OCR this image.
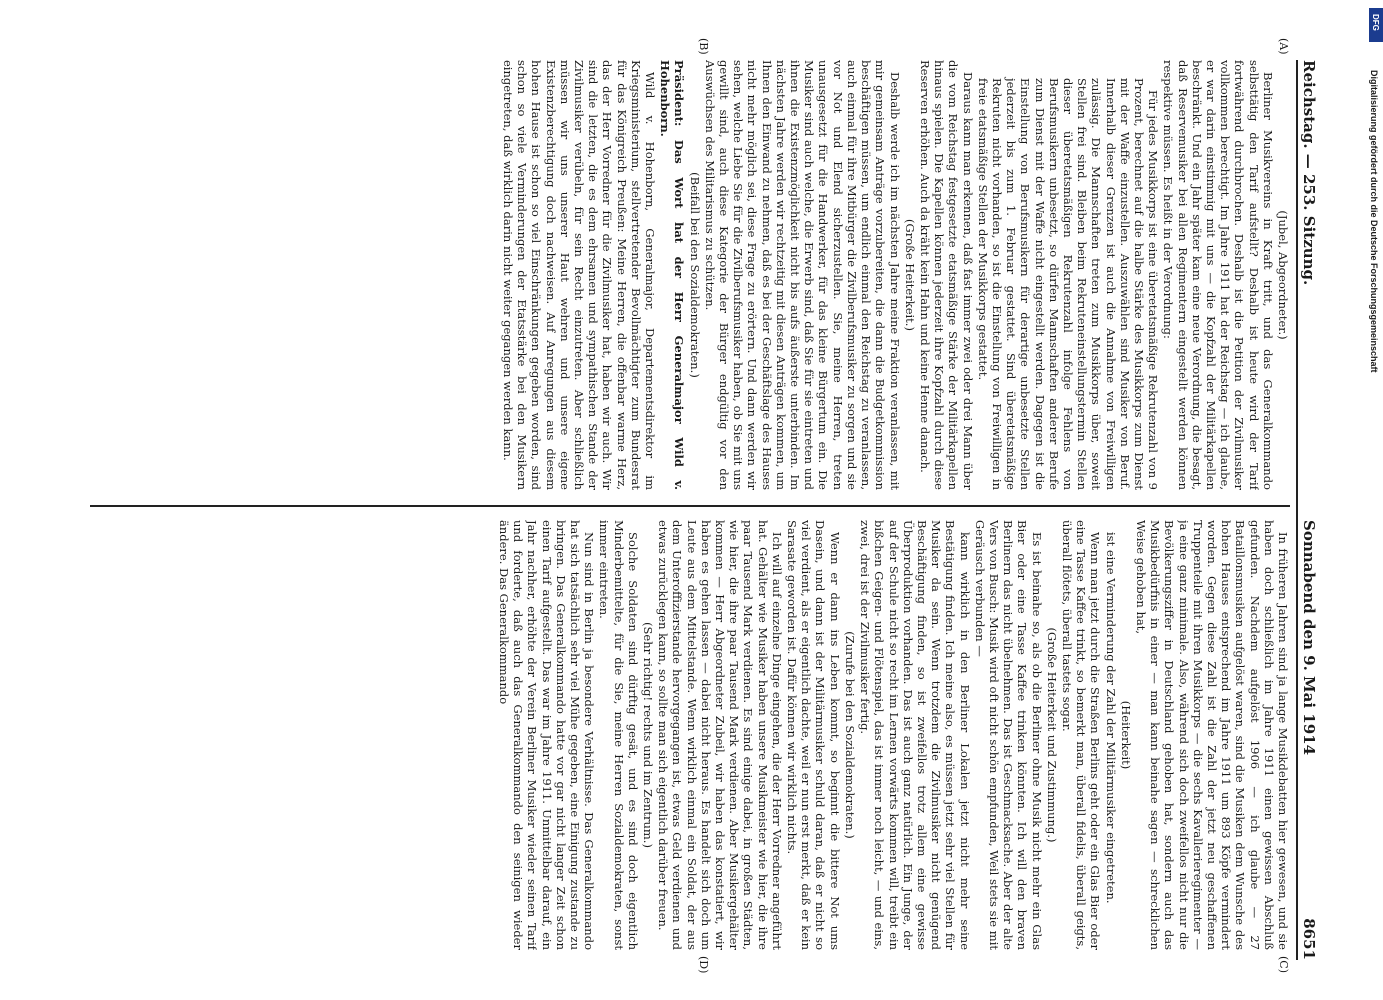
Reichstag. — 253. Sitzung.
Sonnabend den 9. Mai 1914
8651
(A)
(B)
(C)
(D)

(Jubel, Abgeordneter.)

Berliner Musikvereins in Kraft tritt, und das Generalkommando selbsttätig den Tarif aufstellt? Deshalb ist heute wird der Tarif fortwährend durchbrochen. Deshalb ist die Petition der Zivilmusiker vollkommen berechtigt. Im Jahre 1911 hat der Reichstag — ich glaube, er war darin einstimmig mit uns — die Kopfzahl der Militärkapellen beschränkt. Und ein Jahr später kam eine neue Verordnung, die besagt, daß Reservemusiker bei allen Regimentern eingestellt werden können respektive müssen. Es heißt in der Verordnung:

Für jedes Musikkorps ist eine überetatsmäßige Rekrutenzahl von 9 Prozent, berechnet auf die halbe Stärke des Musikkorps zum Dienst mit der Waffe einzustellen. Auszuwählen sind Musiker von Beruf. Innerhalb dieser Grenzen ist auch die Annahme von Freiwilligen zulässig. Die Mannschaften treten zum Musikkorps über, soweit Stellen frei sind. Bleiben beim Rekruteneinstellungstermin Stellen dieser überetatsmäßigen Rekrutenzahl infolge Fehlens von Berufsmusikern unbesetzt, so dürfen Mannschaften anderer Berufe zum Dienst mit der Waffe nicht eingestellt werden. Dagegen ist die Einstellung von Berufsmusikern für derartige unbesetzte Stellen jederzeit bis zum 1. Februar gestattet. Sind überetatsmäßige Rekruten nicht vorhanden, so ist die Einstellung von Freiwilligen in freie etatsmäßige Stellen der Musikkorps gestattet.

Daraus kann man erkennen, daß fast immer zwei oder drei Mann über die vom Reichstag festgesetzte etatsmäßige Stärke der Militärkapellen hinaus spielen. Die Kapellen können jederzeit ihre Kopfzahl durch diese Reserven erhöhen. Auch da kräht kein Hahn und keine Henne danach.

(Große Heiterkeit.)

Deshalb werde ich im nächsten Jahre meine Fraktion veranlassen, mit mir gemeinsam Anträge vorzubereiten, die dann die Budgetkommission beschäftigen müssen, um endlich einmal den Reichstag zu veranlassen, auch einmal für ihre Mitbürger die Zivilberufsmusiker zu sorgen und sie vor Not und Elend sicherzustellen. Sie, meine Herren, treten unausgesetzt für die Handwerker, für das kleine Bürgertum ein. Die Musiker sind auch welche, die Erwerb sind, daß Sie für sie eintreten und ihnen die Existenzmöglichkeit nicht bis aufs äußerste unterbinden. Im nächsten Jahre werden wir rechtzeitig mit diesen Anträgen kommen, um Ihnen den Einwand zu nehmen, daß es bei der Geschäftslage des Hauses nicht mehr möglich sei, diese Frage zu erörtern. Und dann werden wir sehen, welche Liebe Sie für die Zivilberufsmusiker haben, ob Sie mit uns gewillt sind, auch diese Kategorie der Bürger endgültig vor den Auswüchsen des Militarismus zu schützen.

(Beifall bei den Sozialdemokraten.)

Präsident: Das Wort hat der Herr Generalmajor Wild v. Hohenborn.

Wild v. Hohenborn, Generalmajor, Departementsdirektor im Kriegsministerium, stellvertretender Bevollmächtigter zum Bundesrat für das Königreich Preußen: Meine Herren, die offenbar warme Herz, das der Herr Vorredner für die Zivilmusiker hat, haben wir auch. Wir sind die letzten, die es dem ehrsamen und sympathischen Stande der Zivilmusiker verübeln, für sein Recht einzutreten. Aber schließlich müssen wir uns unserer Haut wehren und unsere eigene Existenzberechtigung doch nachweisen. Auf Anregungen aus diesem hohen Hause ist schon so viel Einschränkungen gegeben worden, sind schon so viele Verminderungen der Etatsstärke bei den Musikern eingetreten, daß wirklich darin nicht weiter gegangen werden kann.

In früheren Jahren sind ja lange Musikdebatten hier gewesen, und sie haben doch schließlich im Jahre 1911 einen gewissen Abschluß gefunden. Nachdem aufgelöst 1906 — ich glaube — 27 Bataillonsmusiken aufgelöst waren, sind die Musiken dem Wunsche des hohen Hauses entsprechend im Jahre 1911 um 893 Köpfe vermindert worden. Gegen diese Zahl ist die Zahl der jetzt neu geschaffenen Truppenteile mit ihren Musikkorps — die sechs Kavallerieregimenter — ja eine ganz minimale. Also, während sich doch zweifellos nicht nur die Bevölkerungsziffer in Deutschland gehoben hat, sondern auch das Musikbedürfnis in einer — man kann beinahe sagen — schrecklichen Weise gehoben hat,

(Heiterkeit)

ist eine Verminderung der Zahl der Militärmusiker eingetreten.

Wenn man jetzt durch die Straßen Berlins geht oder ein Glas Bier oder eine Tasse Kaffee trinkt, so bemerkt man, überall fidelis, überall geigts, überall flötets, überall tastets sogar.

(Große Heiterkeit und Zustimmung.)

Es ist beinahe so, als ob die Berliner ohne Musik nicht mehr ein Glas Bier oder eine Tasse Kaffee trinken könnten. Ich will den braven Berlinern das nicht übelnehmen. Das ist Geschmacksache. Aber der alte Vers von Busch: Musik wird oft nicht schön empfunden, Weil stets sie mit Geräusch verbunden —

kann wirklich in den Berliner Lokalen jetzt nicht mehr seine Bestätigung finden. Ich meine also, es müssen jetzt sehr viel Stellen für Musiker da sein. Wenn trotzdem die Zivilmusiker nicht genügend Beschäftigung finden, so ist zweifellos trotz allem eine gewisse Überproduktion vorhanden. Das ist auch ganz natürlich. Ein Junge, der auf der Schule nicht so recht im Lernen vorwärts kommen will, treibt ein bißchen Geigen- und Flötenspiel, das ist immer noch leicht, — und eins, zwei, drei ist der Zivilmusiker fertig.

(Zurufe bei den Sozialdemokraten.)

Wenn er dann ins Leben kommt, so beginnt die bittere Not ums Dasein, und dann ist der Militärmusiker schuld daran, daß er nicht so viel verdient, als er eigentlich dachte, weil er nun erst merkt, daß er kein Sarasate geworden ist. Dafür können wir wirklich nichts.

Ich will auf einzelne Dinge eingehen, die der Herr Vorredner angeführt hat. Gehälter wie Musiker haben unsere Musikmeister wie hier, die ihre paar Tausend Mark verdienen. Es sind einige dabei, in großen Städten, wie hier, die ihre paar Tausend Mark verdienen. Aber Musikergehälter kommen — Herr Abgeordneter Zubeil, wir haben das konstatiert, wir haben es gehen lassen — dabei nicht heraus. Es handelt sich doch um Leute aus dem Mittelstande. Wenn wirklich einmal ein Soldat, der aus dem Unteroffizierstande hervorgegangen ist, etwas Geld verdienen und etwas zurücklegen kann, so sollte man sich eigentlich darüber freuen.

(Sehr richtig! rechts und im Zentrum.)

Solche Soldaten sind dürftig gesät, und es sind doch eigentlich Minderbemittelte, für die Sie, meine Herren Sozialdemokraten, sonst immer eintreten.

Nun sind in Berlin ja besondere Verhältnisse. Das Generalkommando hat sich tatsächlich sehr viel Mühe gegeben, eine Einigung zustande zu bringen. Das Generalkommando hatte vor gar nicht langer Zeit schon einen Tarif aufgestellt. Das war im Jahre 1911. Unmittelbar darauf, ein Jahr nachher, erhöhte der Verein Berliner Musiker wieder seinen Tarif und forderte, daß auch das Generalkommando den seinigen wieder ändere. Das Generalkommando

Digitalisierung gefördert durch die Deutsche Forschungsgemeinschaft
DFG
